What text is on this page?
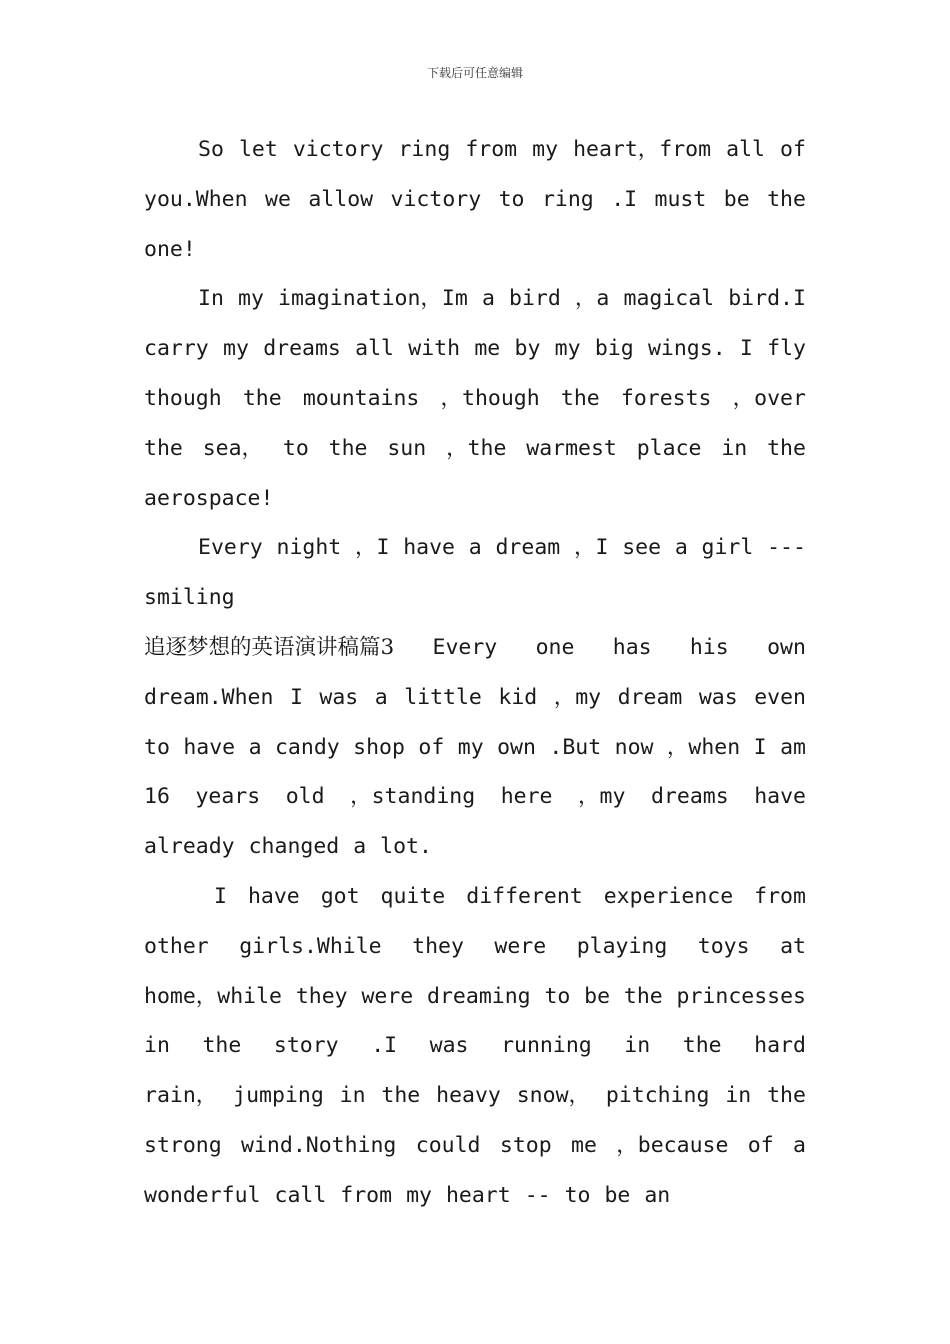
下载后可任意编辑
So let victory ring from my heart，from all of
you.When we allow victory to ring .I must be the
one!
In my imagination，Im a bird ，a magical bird.I
carry my dreams all with me by my big wings. I fly
though the mountains ，though the forests ，over
the sea， to the sun ，the warmest place in the
aerospace!
Every night ，I have a dream ，I see a girl ---
smiling
追逐梦想的英语演讲稿篇3 Every one has his own
dream.When I was a little kid ，my dream was even
to have a candy shop of my own .But now ，when I am
16 years old ，standing here ，my dreams have
already changed a lot.
I have got quite different experience from
other girls.While they were playing toys at
home，while they were dreaming to be the princesses
in the story .I was running in the hard
rain， jumping in the heavy snow， pitching in the
strong wind.Nothing could stop me ，because of a
wonderful call from my heart -- to be an
